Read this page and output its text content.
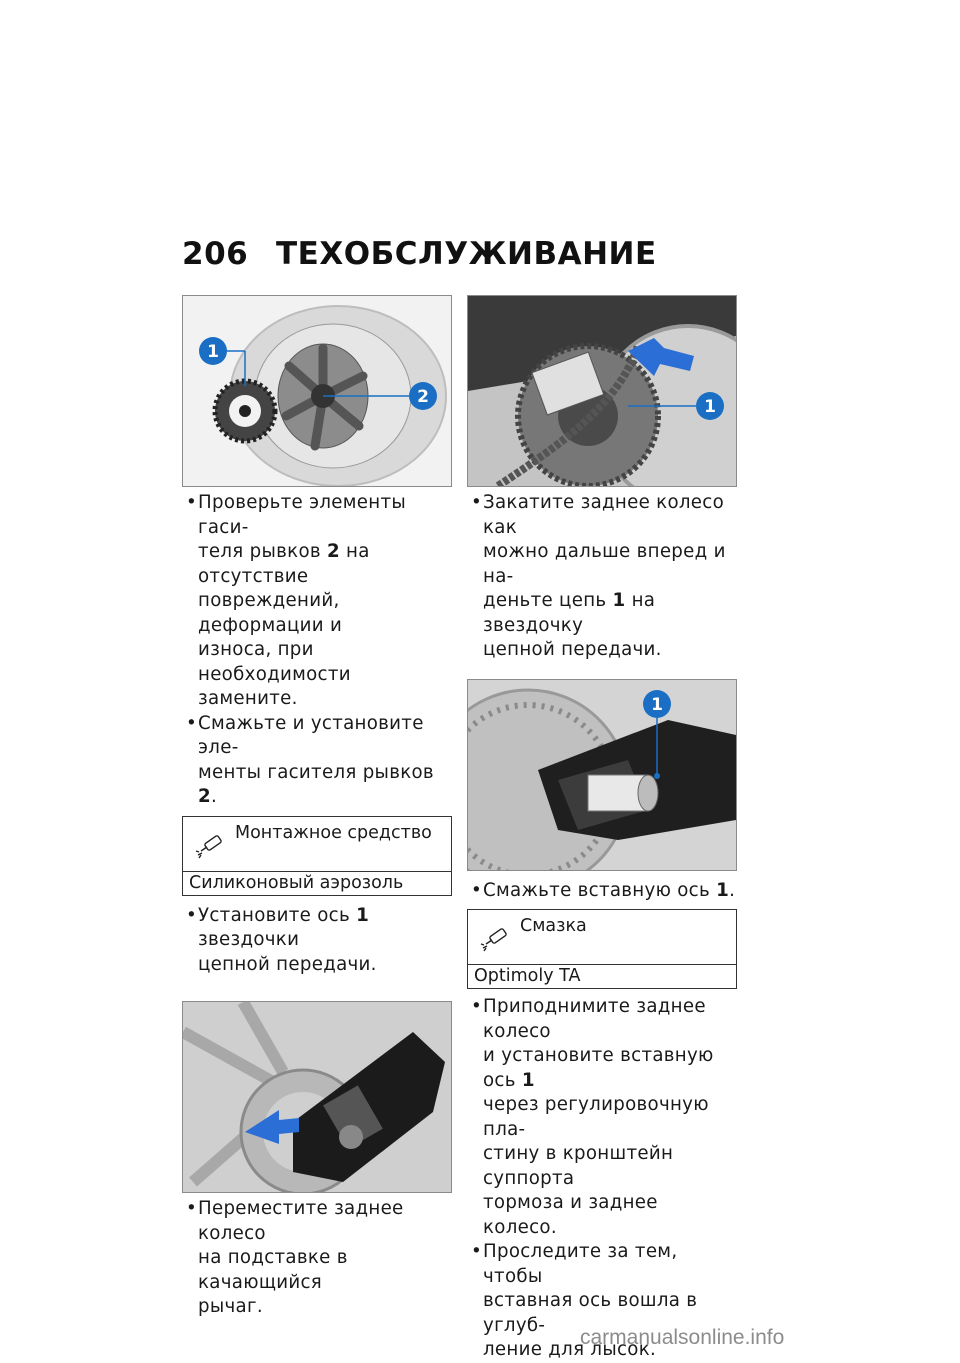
206 ТЕХОБСЛУЖИВАНИЕ
1
2

•Проверьте элементы гаси-
теля рывков 2 на отсутствие
повреждений, деформации и
износа, при необходимости
замените.

•Смажьте и установите эле-
менты гасителя рывков 2.

Монтажное средство
Силиконовый аэрозоль

•Установите ось 1 звездочки
цепной передачи.

•Переместите заднее колесо
на подставке в качающийся
рычаг.

1

•Закатите заднее колесо как
можно дальше вперед и на-
деньте цепь 1 на звездочку
цепной передачи.

1

•Смажьте вставную ось 1.

Смазка
Optimoly TA

•Приподнимите заднее колесо
и установите вставную ось 1
через регулировочную пла-
стину в кронштейн суппорта
тормоза и заднее колесо.

•Проследите за тем, чтобы
вставная ось вошла в углуб-
ление для лысок.

carmanualsonline.info
